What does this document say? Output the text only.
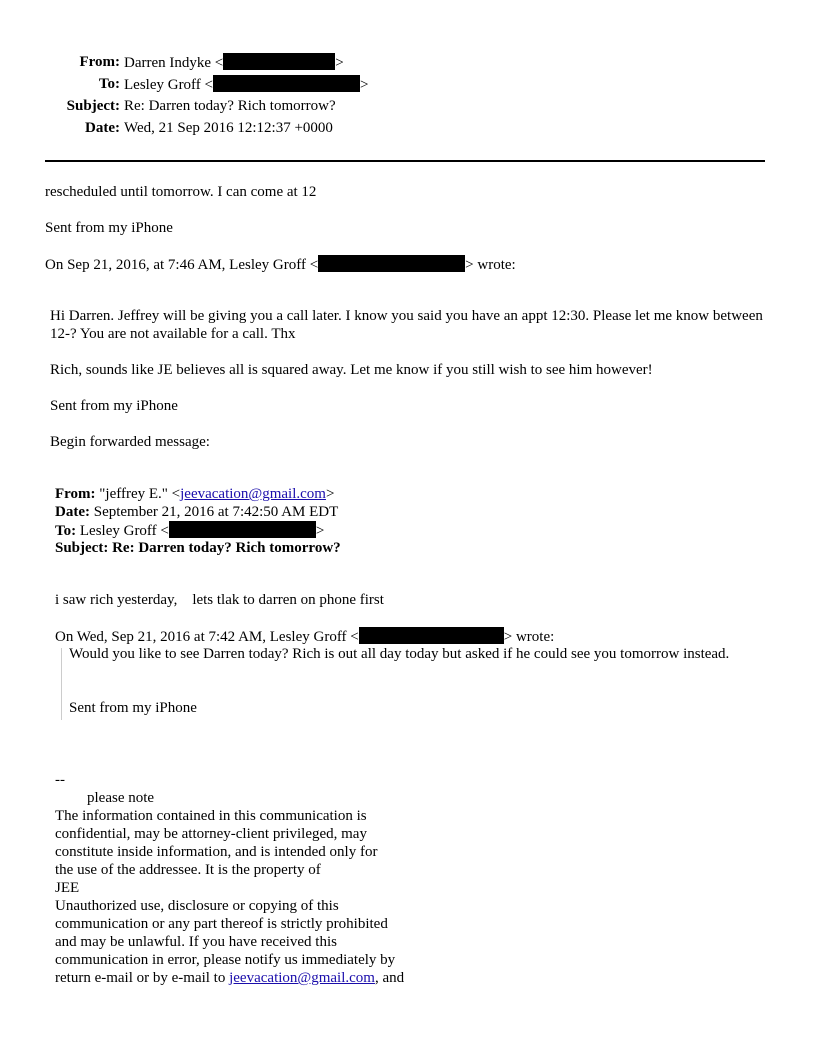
From: Darren Indyke <	>
To: Lesley Groff <	>
Subject: Re: Darren today? Rich tomorrow?
Date: Wed, 21 Sep 2016 12:12:37 +0000
rescheduled until tomorrow. I can come at 12
Sent from my iPhone
On Sep 21, 2016, at 7:46 AM, Lesley Groff <	> wrote:
Hi Darren. Jeffrey will be giving you a call later. I know you said you have an appt 12:30. Please let me know between 12-? You are not available for a call. Thx
Rich, sounds like JE believes all is squared away. Let me know if you still wish to see him however!
Sent from my iPhone
Begin forwarded message:
From: "jeffrey E." <jeevacation@gmail.com>
Date: September 21, 2016 at 7:42:50 AM EDT
To: Lesley Groff <	>
Subject: Re: Darren today? Rich tomorrow?
i saw rich yesterday,    lets tlak to darren on phone first
On Wed, Sep 21, 2016 at 7:42 AM, Lesley Groff <	> wrote:
Would you like to see Darren today? Rich is out all day today but asked if he could see you tomorrow instead.
Sent from my iPhone
--
please note
The information contained in this communication is
confidential, may be attorney-client privileged, may
constitute inside information, and is intended only for
the use of the addressee. It is the property of
JEE
Unauthorized use, disclosure or copying of this
communication or any part thereof is strictly prohibited
and may be unlawful. If you have received this
communication in error, please notify us immediately by
return e-mail or by e-mail to jeevacation@gmail.com, and
